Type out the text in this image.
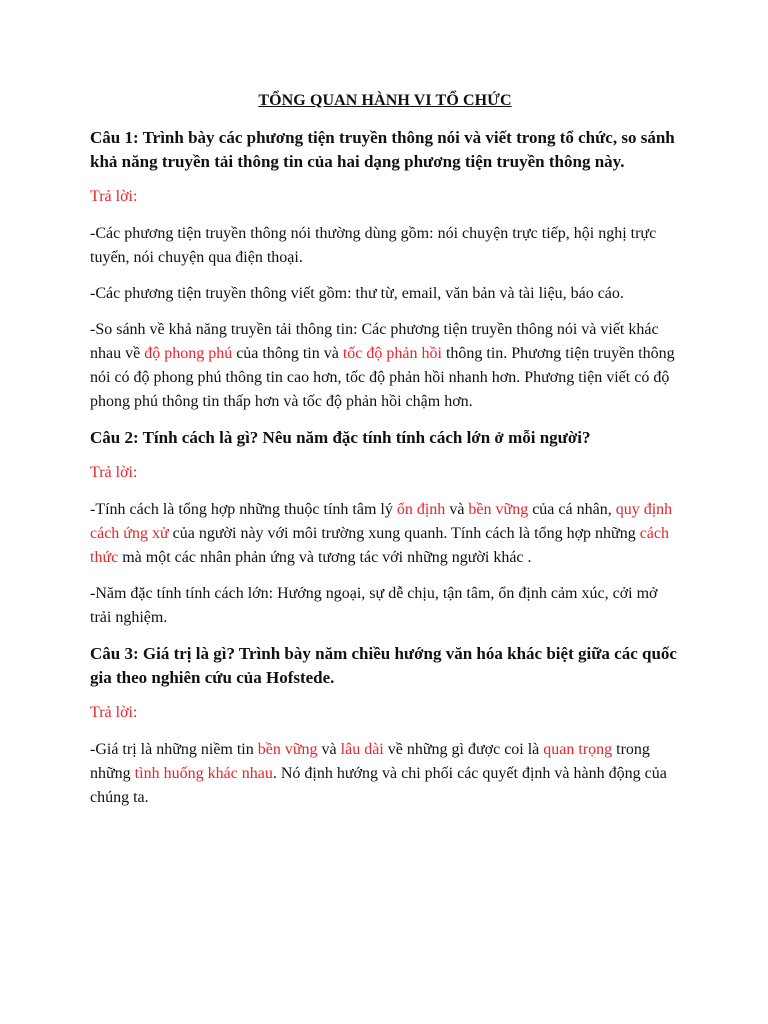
TỔNG QUAN HÀNH VI TỔ CHỨC
Câu 1: Trình bày các phương tiện truyền thông nói và viết trong tổ chức, so sánh khả năng truyền tải thông tin của hai dạng phương tiện truyền thông này.
Trả lời:
-Các phương tiện truyền thông nói thường dùng gồm: nói chuyện trực tiếp, hội nghị trực tuyến, nói chuyện qua điện thoại.
-Các phương tiện truyền thông viết gồm: thư từ, email, văn bản và tài liệu, báo cáo.
-So sánh về khả năng truyền tải thông tin: Các phương tiện truyền thông nói và viết khác nhau về độ phong phú của thông tin và tốc độ phản hồi thông tin. Phương tiện truyền thông nói có độ phong phú thông tin cao hơn, tốc độ phản hồi nhanh hơn. Phương tiện viết có độ phong phú thông tin thấp hơn và tốc độ phản hồi chậm hơn.
Câu 2: Tính cách là gì? Nêu năm đặc tính tính cách lớn ở mỗi người?
Trả lời:
-Tính cách là tổng hợp những thuộc tính tâm lý ổn định và bền vững của cá nhân, quy định cách ứng xử của người này với môi trường xung quanh. Tính cách là tổng hợp những cách thức mà một các nhân phản ứng và tương tác với những người khác .
-Năm đặc tính tính cách lớn: Hướng ngoại, sự dễ chịu, tận tâm, ổn định cảm xúc, cởi mở trải nghiệm.
Câu 3: Giá trị là gì? Trình bày năm chiều hướng văn hóa khác biệt giữa các quốc gia theo nghiên cứu của Hofstede.
Trả lời:
-Giá trị là những niềm tin bền vững và lâu dài về những gì được coi là quan trọng trong những tình huống khác nhau. Nó định hướng và chi phối các quyết định và hành động của chúng ta.
